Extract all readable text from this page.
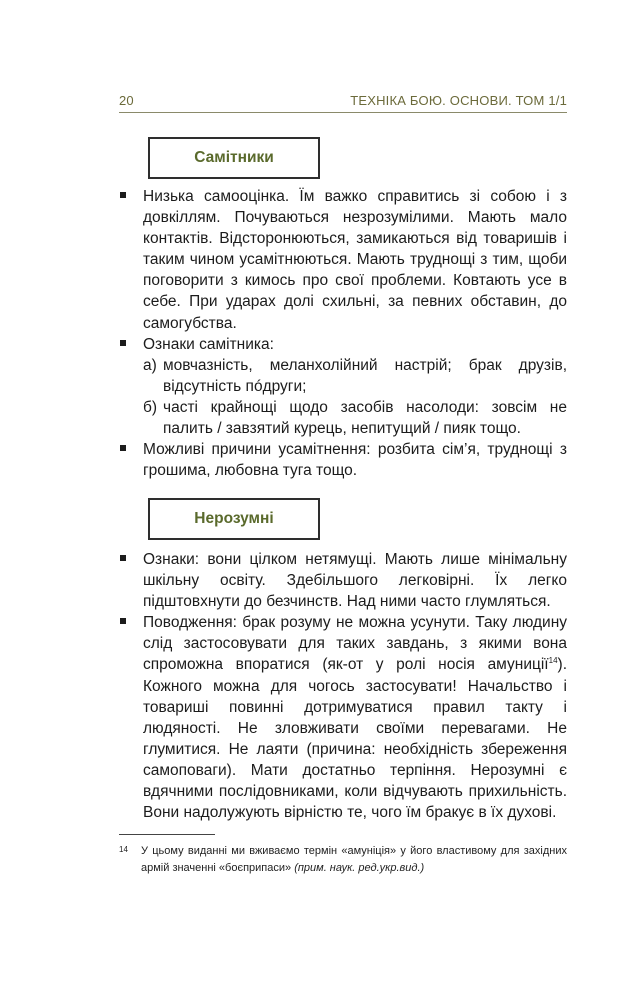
20	ТЕХНІКА БОЮ. ОСНОВИ. ТОМ 1/1
Самітники
Низька самооцінка. Їм важко справитись зі собою і з довкіллям. Почуваються незрозумілими. Мають мало контактів. Відсторонюються, замикаються від товаришів і таким чином усамітнюються. Мають труднощі з тим, щоби поговорити з кимось про свої проблеми. Ковтають усе в себе. При ударах долі схильні, за певних обставин, до самогубства.
Ознаки самітника:
а) мовчазність, меланхолійний настрій; брак друзів, відсутність пóдруги;
б) часті крайнощі щодо засобів насолоди: зовсім не палить / завзятий курець, непитущий / пияк тощо.
Можливі причини усамітнення: розбита сім’я, труднощі з грошима, любовна туга тощо.
Нерозумні
Ознаки: вони цілком нетямущі. Мають лише мінімальну шкільну освіту. Здебільшого легковірні. Їх легко підштовхнути до безчинств. Над ними часто глумляться.
Поводження: брак розуму не можна усунути. Таку людину слід застосовувати для таких завдань, з якими вона спроможна впоратися (як-от у ролі носія амуниції$^{14}$). Кожного можна для чогось застосувати! Начальство і товариші повинні дотримуватися правил такту і людяності. Не зловживати своїми перевагами. Не глумитися. Не лаяти (причина: необхідність збереження самоповаги). Мати достатньо терпіння. Нерозумні є вдячними послідовниками, коли відчувають прихильність. Вони надолужують вірністю те, чого їм бракує в їх духові.
14	У цьому виданні ми вживаємо термін «амуніція» у його властивому для західних армій значенні «боєприпаси» (прим. наук. ред.укр.вид.)
